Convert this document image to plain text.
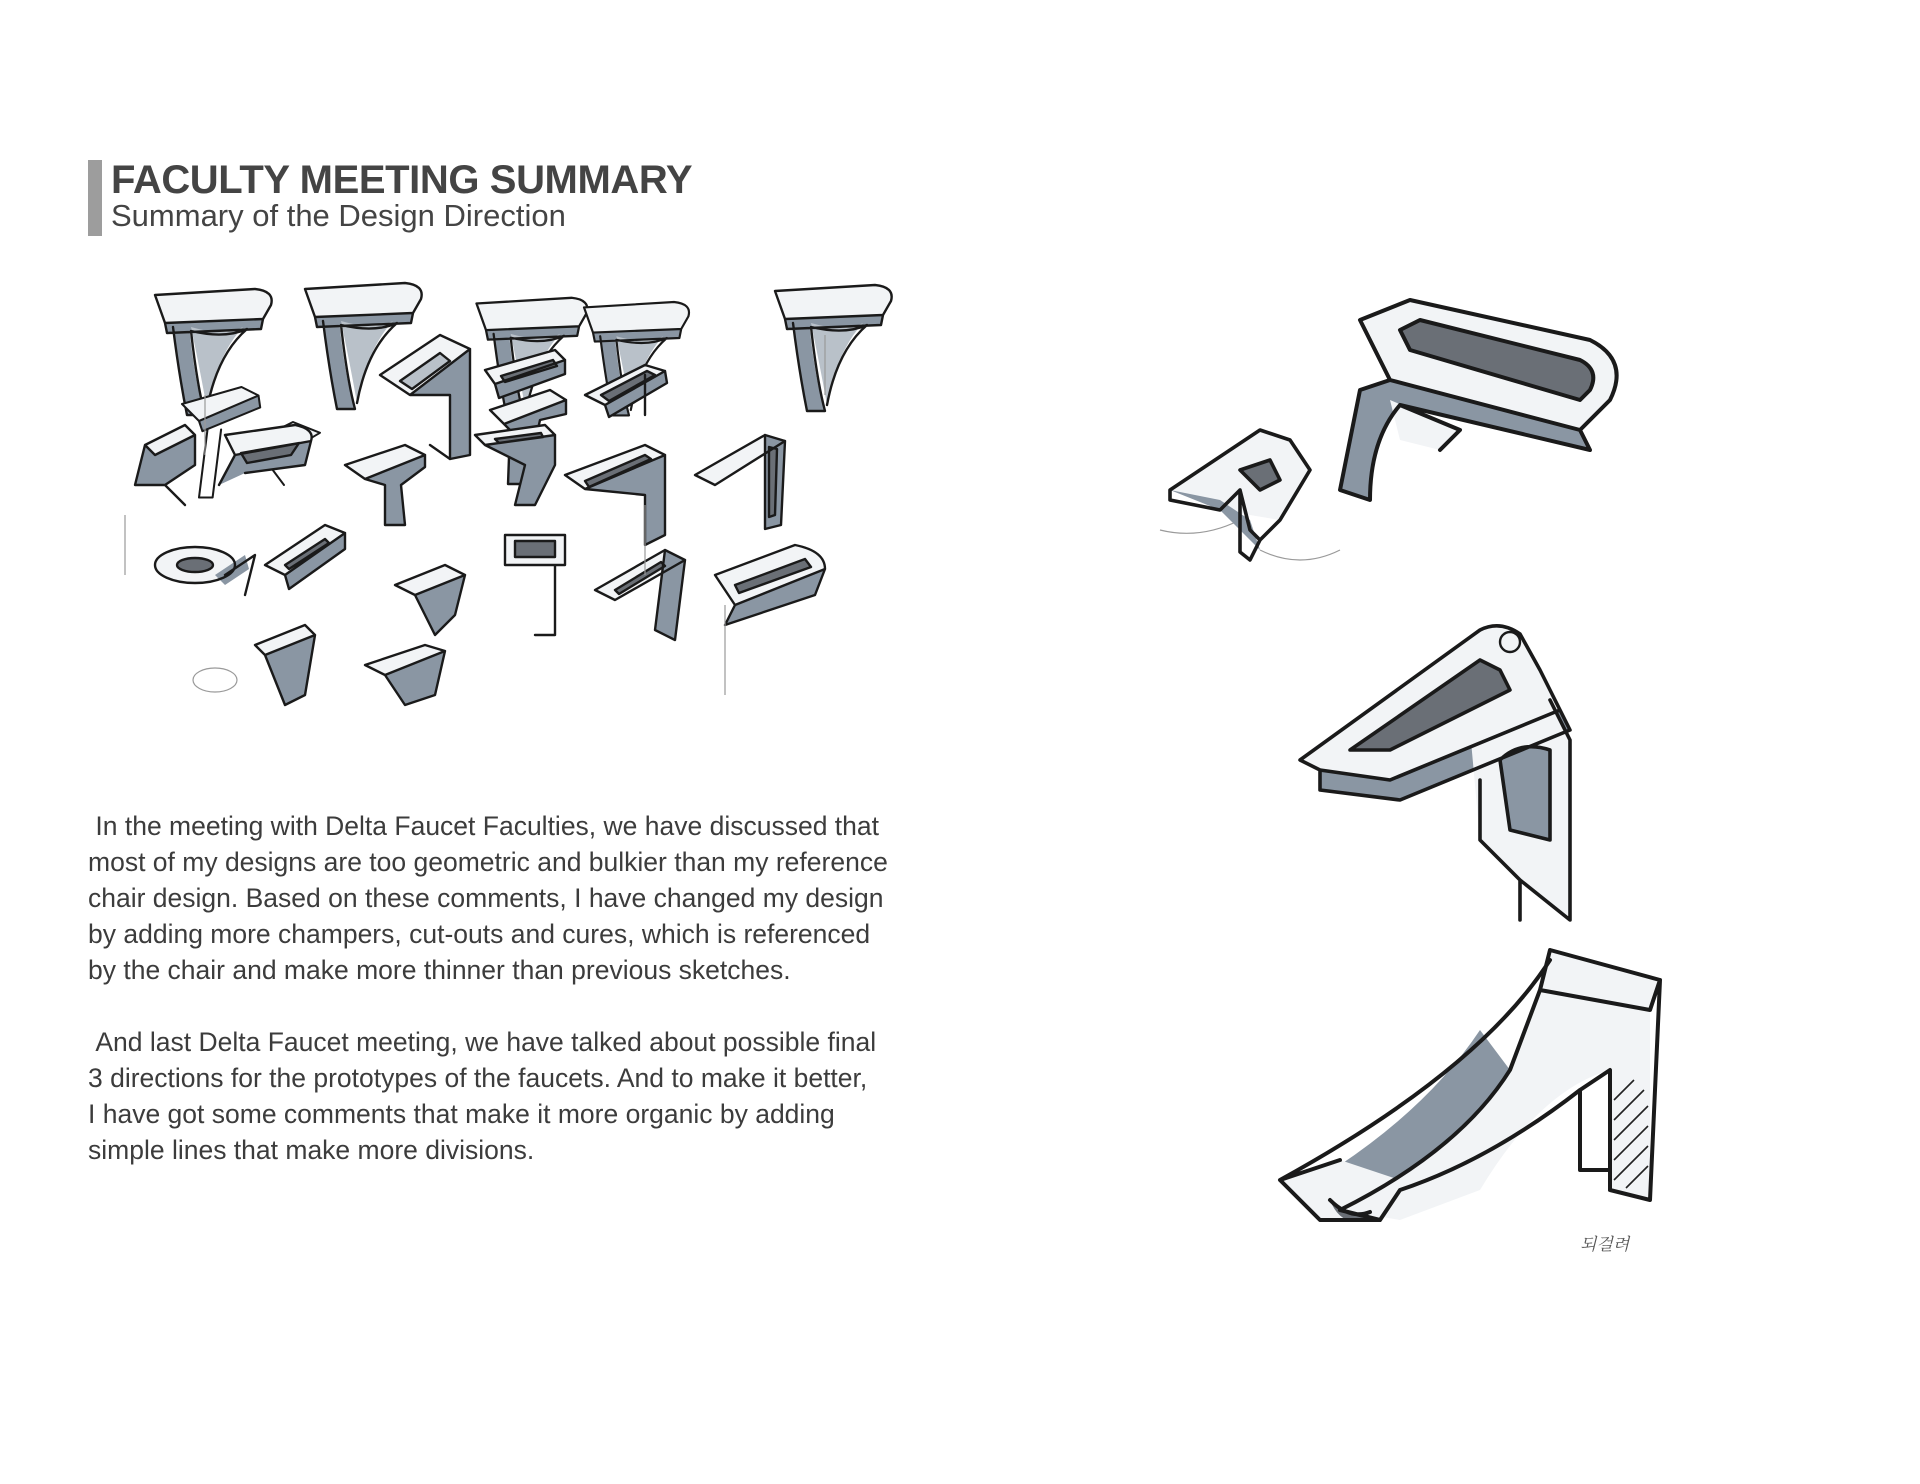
FACULTY MEETING SUMMARY
Summary of the Design Direction

In the meeting with Delta Faucet Faculties, we have discussed that
most of my designs are too geometric and bulkier than my reference
chair design. Based on these comments, I have changed my design
by adding more champers, cut-outs and cures, which is referenced
by the chair and make more thinner than previous sketches.

And last Delta Faucet meeting, we have talked about possible final
3 directions for the prototypes of the faucets. And to make it better,
I have got some comments that make it more organic by adding
simple lines that make more divisions.

되걸려
